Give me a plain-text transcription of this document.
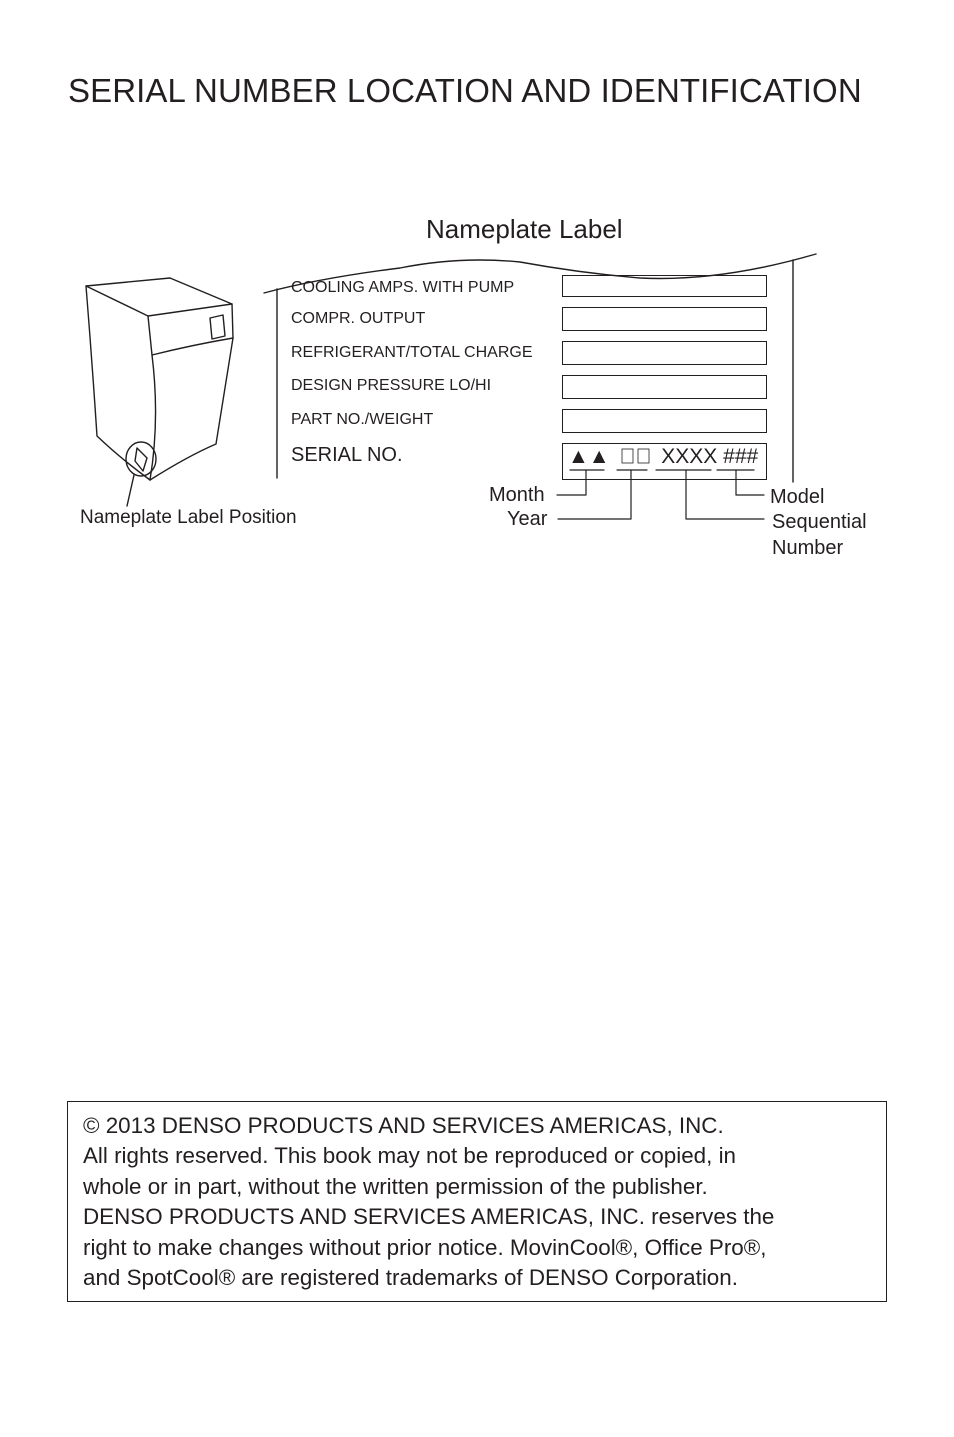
SERIAL NUMBER LOCATION AND IDENTIFICATION
Nameplate Label
COOLING AMPS. WITH PUMP
COMPR. OUTPUT
REFRIGERANT/TOTAL CHARGE
DESIGN PRESSURE LO/HI
PART NO./WEIGHT
SERIAL NO.	▲▲ XXXX ###
Month
Year
Model
Sequential
Number
Nameplate Label Position
© 2013 DENSO PRODUCTS AND SERVICES AMERICAS, INC.
All rights reserved. This book may not be reproduced or copied, in
whole or in part, without the written permission of the publisher.
DENSO PRODUCTS AND SERVICES AMERICAS, INC. reserves the
right to make changes without prior notice. MovinCool®, Office Pro®,
and SpotCool® are registered trademarks of DENSO Corporation.
